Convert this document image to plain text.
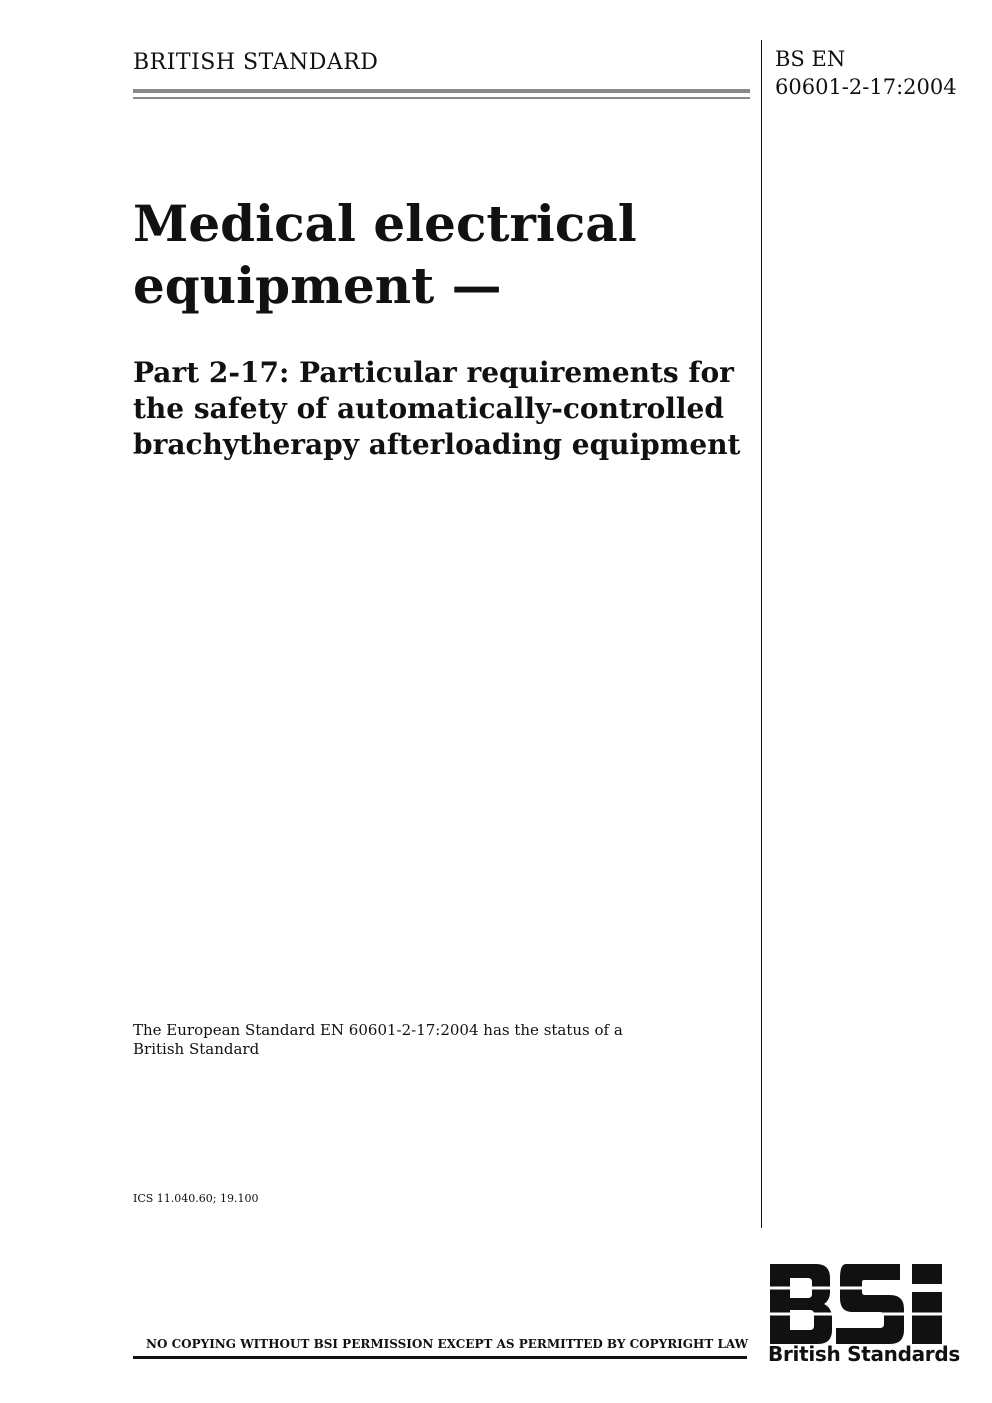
BRITISH STANDARD	BS EN
60601-2-17:2004
Medical electrical
equipment —
Part 2-17: Particular requirements for
the safety of automatically-controlled
brachytherapy afterloading equipment
The European Standard EN 60601-2-17:2004 has the status of a
British Standard
ICS 11.040.60; 19.100
NO COPYING WITHOUT BSI PERMISSION EXCEPT AS PERMITTED BY COPYRIGHT LAW British Standards
